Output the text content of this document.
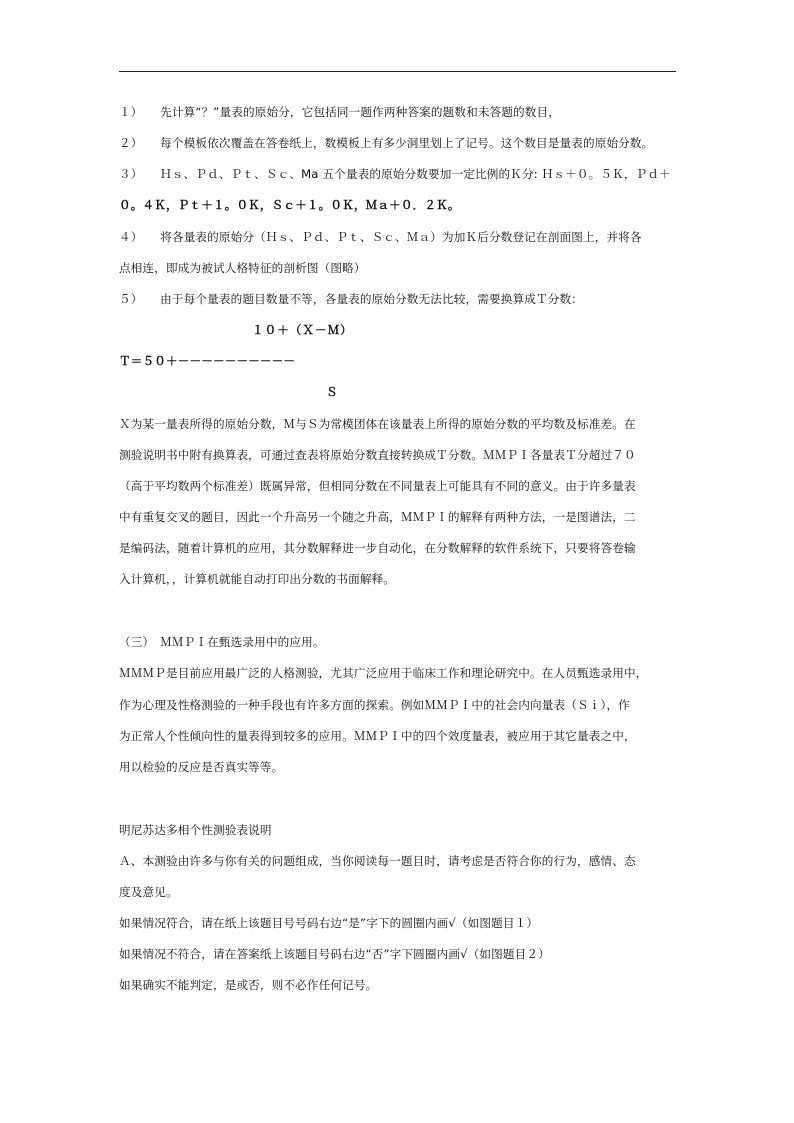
１）　　先计算“？”量表的原始分，它包括同一题作两种答案的题数和未答题的数目，
２）　　每个模板依次覆盖在答卷纸上，数模板上有多少洞里划上了记号。这个数目是量表的原始分数。
３）　　Ｈｓ、Ｐｄ、Ｐｔ、Ｓｃ、Ma 五个量表的原始分数要加一定比例的Ｋ分: Ｈｓ＋０。５Ｋ，Ｐｄ＋
０。４Ｋ，Ｐｔ＋１。０Ｋ，Ｓｃ＋１。０Ｋ，Ｍａ＋０．２Ｋ。
４）　　将各量表的原始分（Ｈｓ、Ｐｄ、Ｐｔ、Ｓｃ、Ｍａ）为加Ｋ后分数登记在剖面图上，并将各
点相连，即成为被试人格特征的剖析图（图略）
５）　　由于每个量表的题目数量不等，各量表的原始分数无法比较，需要换算成Ｔ分数：
１０＋（Ｘ－Ｍ）
Ｔ＝５０＋－－－－－－－－－－
Ｓ
Ｘ为某一量表所得的原始分数，Ｍ与Ｓ为常模团体在该量表上所得的原始分数的平均数及标准差。在
测验说明书中附有换算表，可通过查表将原始分数直接转换成Ｔ分数。ＭＭＰＩ各量表Ｔ分超过７０
（高于平均数两个标准差）既属异常，但相同分数在不同量表上可能具有不同的意义。由于许多量表
中有重复交叉的题目，因此一个升高另一个随之升高，ＭＭＰＩ的解释有两种方法，一是图谱法，二
是编码法，随着计算机的应用，其分数解释进一步自动化，在分数解释的软件系统下，只要将答卷输
入计算机，，计算机就能自动打印出分数的书面解释。
（三）　ＭＭＰＩ在甄选录用中的应用。
ＭＭＭＰ是目前应用最广泛的人格测验，尤其广泛应用于临床工作和理论研究中。在人员甄选录用中，
作为心理及性格测验的一种手段也有许多方面的探索。例如ＭＭＰＩ中的社会内向量表（Ｓｉ），作
为正常人个性倾向性的量表得到较多的应用。ＭＭＰＩ中的四个效度量表，被应用于其它量表之中，
用以检验的反应是否真实等等。
明尼苏达多相个性测验表说明
Ａ、本测验由许多与你有关的问题组成，当你阅读每一题目时，请考虑是否符合你的行为，感情、态
度及意见。
如果情况符合，请在纸上该题目号号码右边“是”字下的圆圈内画√（如图题目１）
如果情况不符合，请在答案纸上该题目号码右边“否”字下圆圈内画√（如图题目２）
如果确实不能判定，是或否，则不必作任何记号。
